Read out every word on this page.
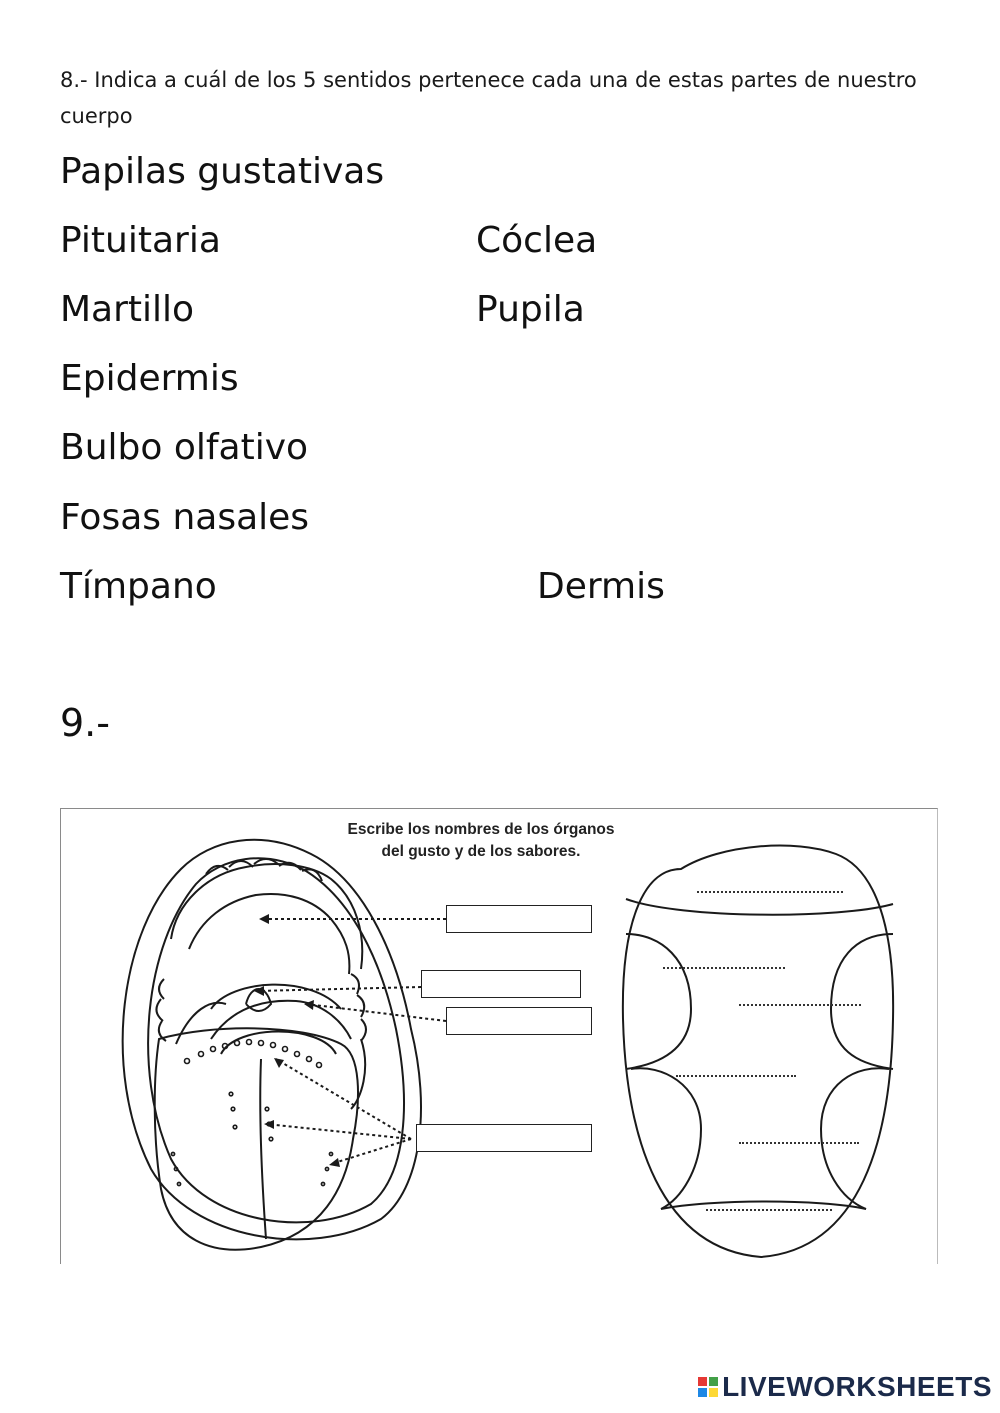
8.- Indica a cuál de los 5 sentidos pertenece cada una de estas partes de nuestro cuerpo
Papilas gustativas
Pituitaria	Cóclea
Martillo	Pupila
Epidermis
Bulbo olfativo
Fosas nasales
Tímpano	Dermis
9.-
Escribe los nombres de los órganos
del gusto y de los sabores.
LIVEWORKSHEETS
